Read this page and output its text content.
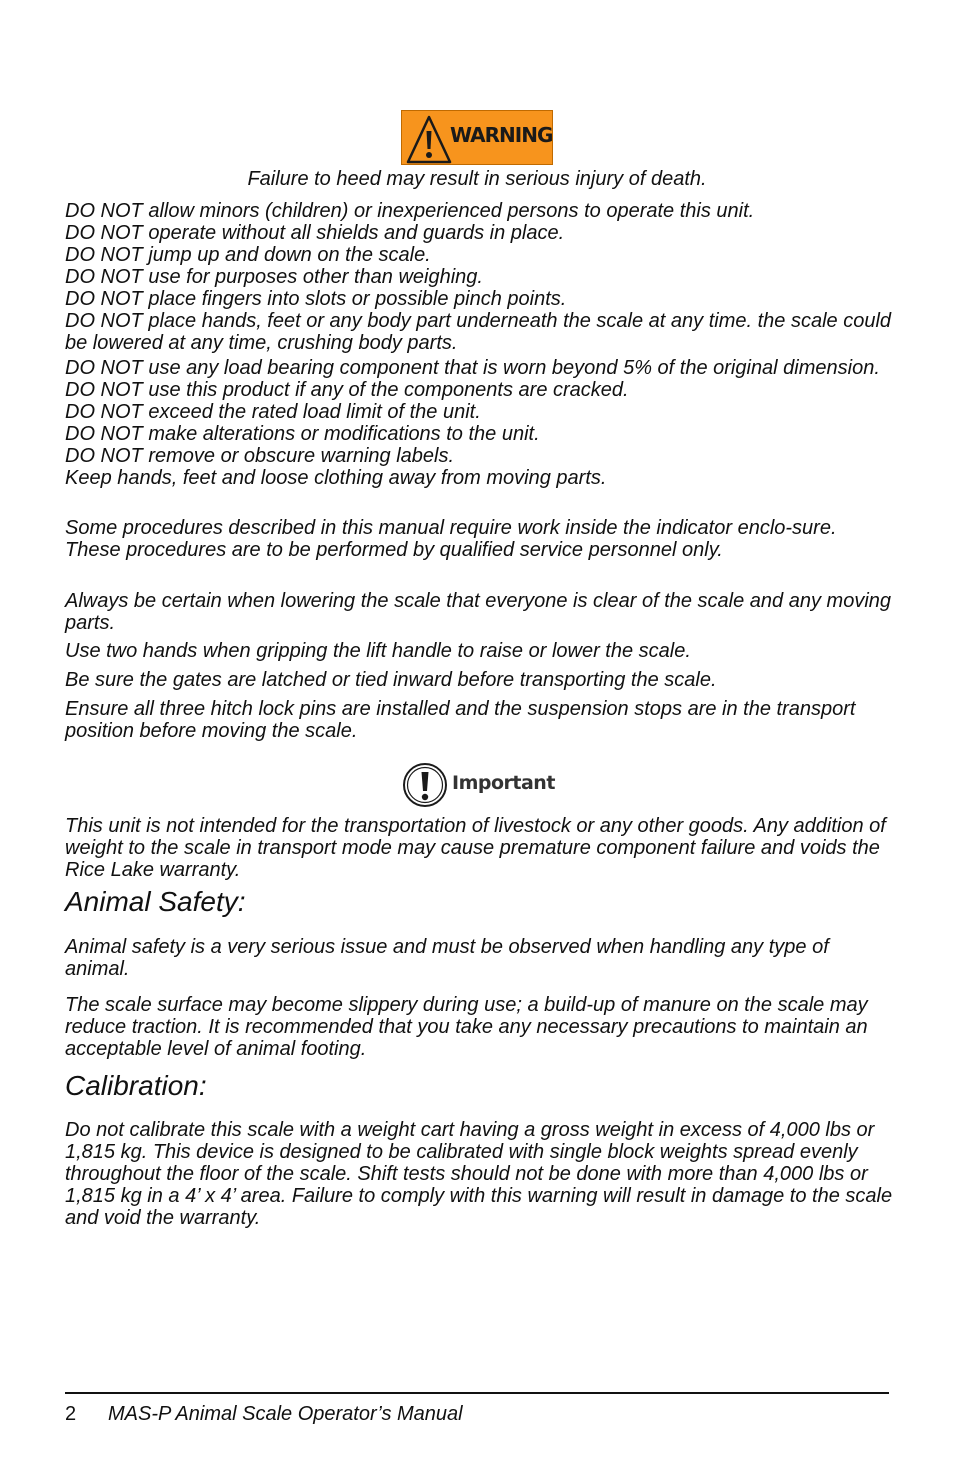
WARNING
Failure to heed may result in serious injury of death.

DO NOT allow minors (children) or inexperienced persons to operate this unit.

DO NOT operate without all shields and guards in place.

DO NOT jump up and down on the scale.

DO NOT use for purposes other than weighing.

DO NOT place fingers into slots or possible pinch points.

DO NOT place hands, feet or any body part underneath the scale at any time. the scale could be lowered at any time, crushing body parts.

DO NOT use any load bearing component that is worn beyond 5% of the original dimension.

DO NOT use this product if any of the components are cracked.

DO NOT exceed the rated load limit of the unit.

DO NOT make alterations or modifications to the unit.

DO NOT remove or obscure warning labels.

Keep hands, feet and loose clothing away from moving parts.

Some procedures described in this manual require work inside the indicator enclo-sure. These procedures are to be performed by qualified service personnel only.
Always be certain when lowering the scale that everyone is clear of the scale and any moving parts.
Use two hands when gripping the lift handle to raise or lower the scale.
Be sure the gates are latched or tied inward before transporting the scale.
Ensure all three hitch lock pins are installed and the suspension stops are in the transport position before moving the scale.
Important
This unit is not intended for the transportation of livestock or any other goods. Any addition of weight to the scale in transport mode may cause premature component failure and voids the Rice Lake warranty.
Animal Safety:
Animal safety is a very serious issue and must be observed when handling any type of animal.
The scale surface may become slippery during use; a build-up of manure on the scale may reduce traction. It is recommended that you take any necessary precautions to maintain an acceptable level of animal footing.
Calibration:
Do not calibrate this scale with a weight cart having a gross weight in excess of 4,000 lbs or 1,815 kg. This device is designed to be calibrated with single block weights spread evenly throughout the floor of the scale. Shift tests should not be done with more than 4,000 lbs or 1,815 kg in a 4’ x 4’ area. Failure to comply with this warning will result in damage to the scale and void the warranty.
2 MAS-P Animal Scale Operator’s Manual
